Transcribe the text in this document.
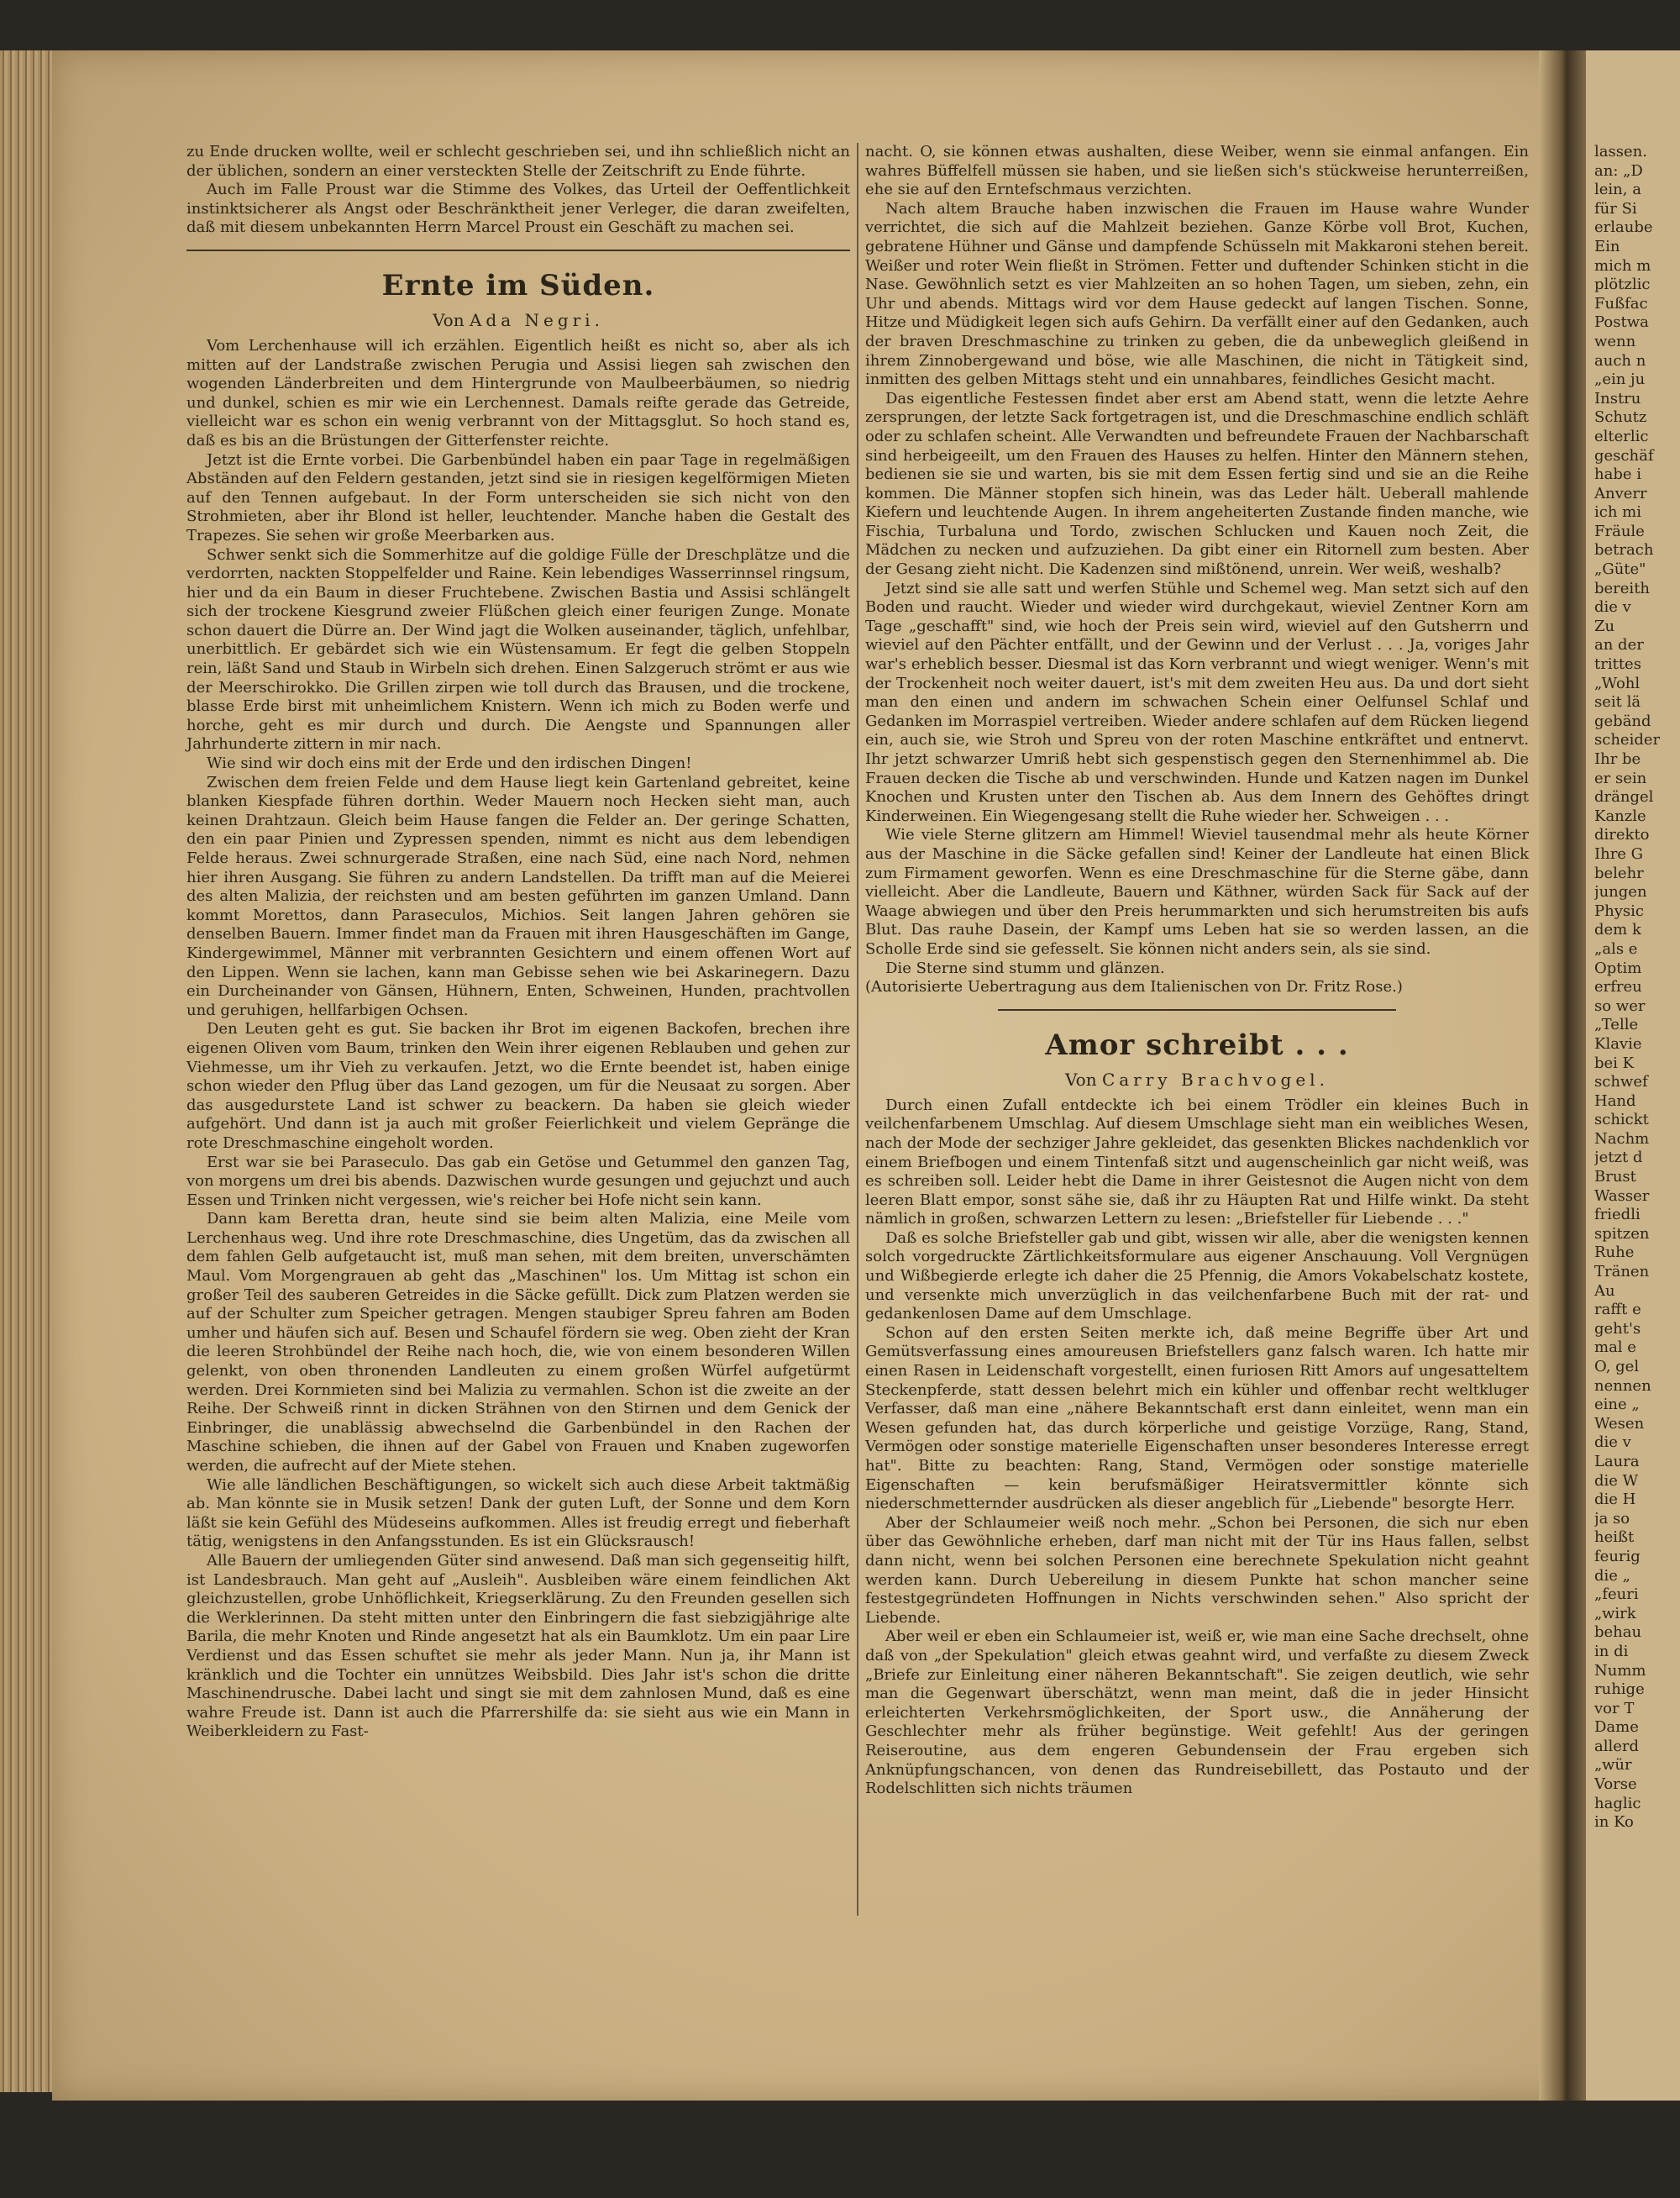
zu Ende drucken wollte, weil er schlecht geschrieben sei, und ihn schließlich nicht an der üblichen, sondern an einer versteckten Stelle der Zeitschrift zu Ende führte.

Auch im Falle Proust war die Stimme des Volkes, das Urteil der Oeffentlichkeit instinktsicherer als Angst oder Beschränktheit jener Verleger, die daran zweifelten, daß mit diesem unbekannten Herrn Marcel Proust ein Geschäft zu machen sei.

Ernte im Süden.
Von Ada Negri.

Vom Lerchenhause will ich erzählen. Eigentlich heißt es nicht so, aber als ich mitten auf der Landstraße zwischen Perugia und Assisi liegen sah zwischen den wogenden Länderbreiten und dem Hintergrunde von Maulbeerbäumen, so niedrig und dunkel, schien es mir wie ein Lerchennest. Damals reifte gerade das Getreide, vielleicht war es schon ein wenig verbrannt von der Mittagsglut. So hoch stand es, daß es bis an die Brüstungen der Gitterfenster reichte.

Jetzt ist die Ernte vorbei. Die Garbenbündel haben ein paar Tage in regelmäßigen Abständen auf den Feldern gestanden, jetzt sind sie in riesigen kegelförmigen Mieten auf den Tennen aufgebaut. In der Form unterscheiden sie sich nicht von den Strohmieten, aber ihr Blond ist heller, leuchtender. Manche haben die Gestalt des Trapezes. Sie sehen wir große Meerbarken aus.

Schwer senkt sich die Sommerhitze auf die goldige Fülle der Dreschplätze und die verdorrten, nackten Stoppelfelder und Raine. Kein lebendiges Wasserrinnsel ringsum, hier und da ein Baum in dieser Fruchtebene. Zwischen Bastia und Assisi schlängelt sich der trockene Kiesgrund zweier Flüßchen gleich einer feurigen Zunge. Monate schon dauert die Dürre an. Der Wind jagt die Wolken auseinander, täglich, unfehlbar, unerbittlich. Er gebärdet sich wie ein Wüstensamum. Er fegt die gelben Stoppeln rein, läßt Sand und Staub in Wirbeln sich drehen. Einen Salzgeruch strömt er aus wie der Meerschirokko. Die Grillen zirpen wie toll durch das Brausen, und die trockene, blasse Erde birst mit unheimlichem Knistern. Wenn ich mich zu Boden werfe und horche, geht es mir durch und durch. Die Aengste und Spannungen aller Jahrhunderte zittern in mir nach.

Wie sind wir doch eins mit der Erde und den irdischen Dingen!

Zwischen dem freien Felde und dem Hause liegt kein Gartenland gebreitet, keine blanken Kiespfade führen dorthin. Weder Mauern noch Hecken sieht man, auch keinen Drahtzaun. Gleich beim Hause fangen die Felder an. Der geringe Schatten, den ein paar Pinien und Zypressen spenden, nimmt es nicht aus dem lebendigen Felde heraus. Zwei schnurgerade Straßen, eine nach Süd, eine nach Nord, nehmen hier ihren Ausgang. Sie führen zu andern Landstellen. Da trifft man auf die Meierei des alten Malizia, der reichsten und am besten geführten im ganzen Umland. Dann kommt Morettos, dann Paraseculos, Michios. Seit langen Jahren gehören sie denselben Bauern. Immer findet man da Frauen mit ihren Hausgeschäften im Gange, Kindergewimmel, Männer mit verbrannten Gesichtern und einem offenen Wort auf den Lippen. Wenn sie lachen, kann man Gebisse sehen wie bei Askarinegern. Dazu ein Durcheinander von Gänsen, Hühnern, Enten, Schweinen, Hunden, prachtvollen und geruhigen, hellfarbigen Ochsen.

Den Leuten geht es gut. Sie backen ihr Brot im eigenen Backofen, brechen ihre eigenen Oliven vom Baum, trinken den Wein ihrer eigenen Reblauben und gehen zur Viehmesse, um ihr Vieh zu verkaufen. Jetzt, wo die Ernte beendet ist, haben einige schon wieder den Pflug über das Land gezogen, um für die Neusaat zu sorgen. Aber das ausgedurstete Land ist schwer zu beackern. Da haben sie gleich wieder aufgehört. Und dann ist ja auch mit großer Feierlichkeit und vielem Gepränge die rote Dreschmaschine eingeholt worden.

Erst war sie bei Paraseculo. Das gab ein Getöse und Getummel den ganzen Tag, von morgens um drei bis abends. Dazwischen wurde gesungen und gejuchzt und auch Essen und Trinken nicht vergessen, wie's reicher bei Hofe nicht sein kann.

Dann kam Beretta dran, heute sind sie beim alten Malizia, eine Meile vom Lerchenhaus weg. Und ihre rote Dreschmaschine, dies Ungetüm, das da zwischen all dem fahlen Gelb aufgetaucht ist, muß man sehen, mit dem breiten, unverschämten Maul. Vom Morgengrauen ab geht das „Maschinen" los. Um Mittag ist schon ein großer Teil des sauberen Getreides in die Säcke gefüllt. Dick zum Platzen werden sie auf der Schulter zum Speicher getragen. Mengen staubiger Spreu fahren am Boden umher und häufen sich auf. Besen und Schaufel fördern sie weg. Oben zieht der Kran die leeren Strohbündel der Reihe nach hoch, die, wie von einem besonderen Willen gelenkt, von oben thronenden Landleuten zu einem großen Würfel aufgetürmt werden. Drei Kornmieten sind bei Malizia zu vermahlen. Schon ist die zweite an der Reihe. Der Schweiß rinnt in dicken Strähnen von den Stirnen und dem Genick der Einbringer, die unablässig abwechselnd die Garbenbündel in den Rachen der Maschine schieben, die ihnen auf der Gabel von Frauen und Knaben zugeworfen werden, die aufrecht auf der Miete stehen.

Wie alle ländlichen Beschäftigungen, so wickelt sich auch diese Arbeit taktmäßig ab. Man könnte sie in Musik setzen! Dank der guten Luft, der Sonne und dem Korn läßt sie kein Gefühl des Müdeseins aufkommen. Alles ist freudig erregt und fieberhaft tätig, wenigstens in den Anfangsstunden. Es ist ein Glücksrausch!

Alle Bauern der umliegenden Güter sind anwesend. Daß man sich gegenseitig hilft, ist Landesbrauch. Man geht auf „Ausleih". Ausbleiben wäre einem feindlichen Akt gleichzustellen, grobe Unhöflichkeit, Kriegserklärung. Zu den Freunden gesellen sich die Werklerinnen. Da steht mitten unter den Einbringern die fast siebzigjährige alte Barila, die mehr Knoten und Rinde angesetzt hat als ein Baumklotz. Um ein paar Lire Verdienst und das Essen schuftet sie mehr als jeder Mann. Nun ja, ihr Mann ist kränklich und die Tochter ein unnützes Weibsbild. Dies Jahr ist's schon die dritte Maschinendrusche. Dabei lacht und singt sie mit dem zahnlosen Mund, daß es eine wahre Freude ist. Dann ist auch die Pfarrershilfe da: sie sieht aus wie ein Mann in Weiberkleidern zu Fast-

nacht. O, sie können etwas aushalten, diese Weiber, wenn sie einmal anfangen. Ein wahres Büffelfell müssen sie haben, und sie ließen sich's stückweise herunterreißen, ehe sie auf den Erntefschmaus verzichten.

Nach altem Brauche haben inzwischen die Frauen im Hause wahre Wunder verrichtet, die sich auf die Mahlzeit beziehen. Ganze Körbe voll Brot, Kuchen, gebratene Hühner und Gänse und dampfende Schüsseln mit Makkaroni stehen bereit. Weißer und roter Wein fließt in Strömen. Fetter und duftender Schinken sticht in die Nase. Gewöhnlich setzt es vier Mahlzeiten an so hohen Tagen, um sieben, zehn, ein Uhr und abends. Mittags wird vor dem Hause gedeckt auf langen Tischen. Sonne, Hitze und Müdigkeit legen sich aufs Gehirn. Da verfällt einer auf den Gedanken, auch der braven Dreschmaschine zu trinken zu geben, die da unbeweglich gleißend in ihrem Zinnobergewand und böse, wie alle Maschinen, die nicht in Tätigkeit sind, inmitten des gelben Mittags steht und ein unnahbares, feindliches Gesicht macht.

Das eigentliche Festessen findet aber erst am Abend statt, wenn die letzte Aehre zersprungen, der letzte Sack fortgetragen ist, und die Dreschmaschine endlich schläft oder zu schlafen scheint. Alle Verwandten und befreundete Frauen der Nachbarschaft sind herbeigeeilt, um den Frauen des Hauses zu helfen. Hinter den Männern stehen, bedienen sie sie und warten, bis sie mit dem Essen fertig sind und sie an die Reihe kommen. Die Männer stopfen sich hinein, was das Leder hält. Ueberall mahlende Kiefern und leuchtende Augen. In ihrem angeheiterten Zustande finden manche, wie Fischia, Turbaluna und Tordo, zwischen Schlucken und Kauen noch Zeit, die Mädchen zu necken und aufzuziehen. Da gibt einer ein Ritornell zum besten. Aber der Gesang zieht nicht. Die Kadenzen sind mißtönend, unrein. Wer weiß, weshalb?

Jetzt sind sie alle satt und werfen Stühle und Schemel weg. Man setzt sich auf den Boden und raucht. Wieder und wieder wird durchgekaut, wieviel Zentner Korn am Tage „geschafft" sind, wie hoch der Preis sein wird, wieviel auf den Gutsherrn und wieviel auf den Pächter entfällt, und der Gewinn und der Verlust . . . Ja, voriges Jahr war's erheblich besser. Diesmal ist das Korn verbrannt und wiegt weniger. Wenn's mit der Trockenheit noch weiter dauert, ist's mit dem zweiten Heu aus. Da und dort sieht man den einen und andern im schwachen Schein einer Oelfunsel Schlaf und Gedanken im Morraspiel vertreiben. Wieder andere schlafen auf dem Rücken liegend ein, auch sie, wie Stroh und Spreu von der roten Maschine entkräftet und entnervt. Ihr jetzt schwarzer Umriß hebt sich gespenstisch gegen den Sternenhimmel ab. Die Frauen decken die Tische ab und verschwinden. Hunde und Katzen nagen im Dunkel Knochen und Krusten unter den Tischen ab. Aus dem Innern des Gehöftes dringt Kinderweinen. Ein Wiegengesang stellt die Ruhe wieder her. Schweigen . . .

Wie viele Sterne glitzern am Himmel! Wieviel tausendmal mehr als heute Körner aus der Maschine in die Säcke gefallen sind! Keiner der Landleute hat einen Blick zum Firmament geworfen. Wenn es eine Dreschmaschine für die Sterne gäbe, dann vielleicht. Aber die Landleute, Bauern und Käthner, würden Sack für Sack auf der Waage abwiegen und über den Preis herummarkten und sich herumstreiten bis aufs Blut. Das rauhe Dasein, der Kampf ums Leben hat sie so werden lassen, an die Scholle Erde sind sie gefesselt. Sie können nicht anders sein, als sie sind.

Die Sterne sind stumm und glänzen.

(Autorisierte Uebertragung aus dem Italienischen von Dr. Fritz Rose.)

Amor schreibt . . .
Von Carry Brachvogel.

Durch einen Zufall entdeckte ich bei einem Trödler ein kleines Buch in veilchenfarbenem Umschlag. Auf diesem Umschlage sieht man ein weibliches Wesen, nach der Mode der sechziger Jahre gekleidet, das gesenkten Blickes nachdenklich vor einem Briefbogen und einem Tintenfaß sitzt und augenscheinlich gar nicht weiß, was es schreiben soll. Leider hebt die Dame in ihrer Geistesnot die Augen nicht von dem leeren Blatt empor, sonst sähe sie, daß ihr zu Häupten Rat und Hilfe winkt. Da steht nämlich in großen, schwarzen Lettern zu lesen: „Briefsteller für Liebende . . ."

Daß es solche Briefsteller gab und gibt, wissen wir alle, aber die wenigsten kennen solch vorgedruckte Zärtlichkeitsformulare aus eigener Anschauung. Voll Vergnügen und Wißbegierde erlegte ich daher die 25 Pfennig, die Amors Vokabelschatz kostete, und versenkte mich unverzüglich in das veilchenfarbene Buch mit der rat- und gedankenlosen Dame auf dem Umschlage.

Schon auf den ersten Seiten merkte ich, daß meine Begriffe über Art und Gemütsverfassung eines amoureusen Briefstellers ganz falsch waren. Ich hatte mir einen Rasen in Leidenschaft vorgestellt, einen furiosen Ritt Amors auf ungesatteltem Steckenpferde, statt dessen belehrt mich ein kühler und offenbar recht weltkluger Verfasser, daß man eine „nähere Bekanntschaft erst dann einleitet, wenn man ein Wesen gefunden hat, das durch körperliche und geistige Vorzüge, Rang, Stand, Vermögen oder sonstige materielle Eigenschaften unser besonderes Interesse erregt hat". Bitte zu beachten: Rang, Stand, Vermögen oder sonstige materielle Eigenschaften — kein berufsmäßiger Heiratsvermittler könnte sich niederschmetternder ausdrücken als dieser angeblich für „Liebende" besorgte Herr.

Aber der Schlaumeier weiß noch mehr. „Schon bei Personen, die sich nur eben über das Gewöhnliche erheben, darf man nicht mit der Tür ins Haus fallen, selbst dann nicht, wenn bei solchen Personen eine berechnete Spekulation nicht geahnt werden kann. Durch Uebereilung in diesem Punkte hat schon mancher seine festestgegründeten Hoffnungen in Nichts verschwinden sehen." Also spricht der Liebende.

Aber weil er eben ein Schlaumeier ist, weiß er, wie man eine Sache drechselt, ohne daß von „der Spekulation" gleich etwas geahnt wird, und verfaßte zu diesem Zweck „Briefe zur Einleitung einer näheren Bekanntschaft". Sie zeigen deutlich, wie sehr man die Gegenwart überschätzt, wenn man meint, daß die in jeder Hinsicht erleichterten Verkehrsmöglichkeiten, der Sport usw., die Annäherung der Geschlechter mehr als früher begünstige. Weit gefehlt! Aus der geringen Reiseroutine, aus dem engeren Gebundensein der Frau ergeben sich Anknüpfungschancen, von denen das Rundreisebillett, das Postauto und der Rodelschlitten sich nichts träumen

lassen.
an: „D
lein, a
für Si
erlaube
Ein
mich m
plötzlic
Fußfac
Postwa
wenn
auch n
„ein ju
Instru
Schutz
elterlic
geschäf
habe i
Anverr
ich mi
Fräule
betrach
„Güte"
bereith
die v
Zu
an der
trittes
„Wohl
seit lä
gebänd
scheider
Ihr be
er sein
drängel
Kanzle
direkto
Ihre G
belehr
jungen
Physic
dem k
„als e
Optim
erfreu
so wer
„Telle
Klavie
bei K
schwef
Hand
schickt
Nachm
jetzt d
Brust
Wasser
friedli
spitzen
Ruhe
Tränen
Au
rafft e
geht's
mal e
O, gel
nennen
eine „
Wesen
die v
Laura
die W
die H
ja so
heißt
feurig
die „
„feuri
„wirk
behau
in di
Numm
ruhige
vor T
Dame
allerd
„wür
Vorse
haglic
in Ko
